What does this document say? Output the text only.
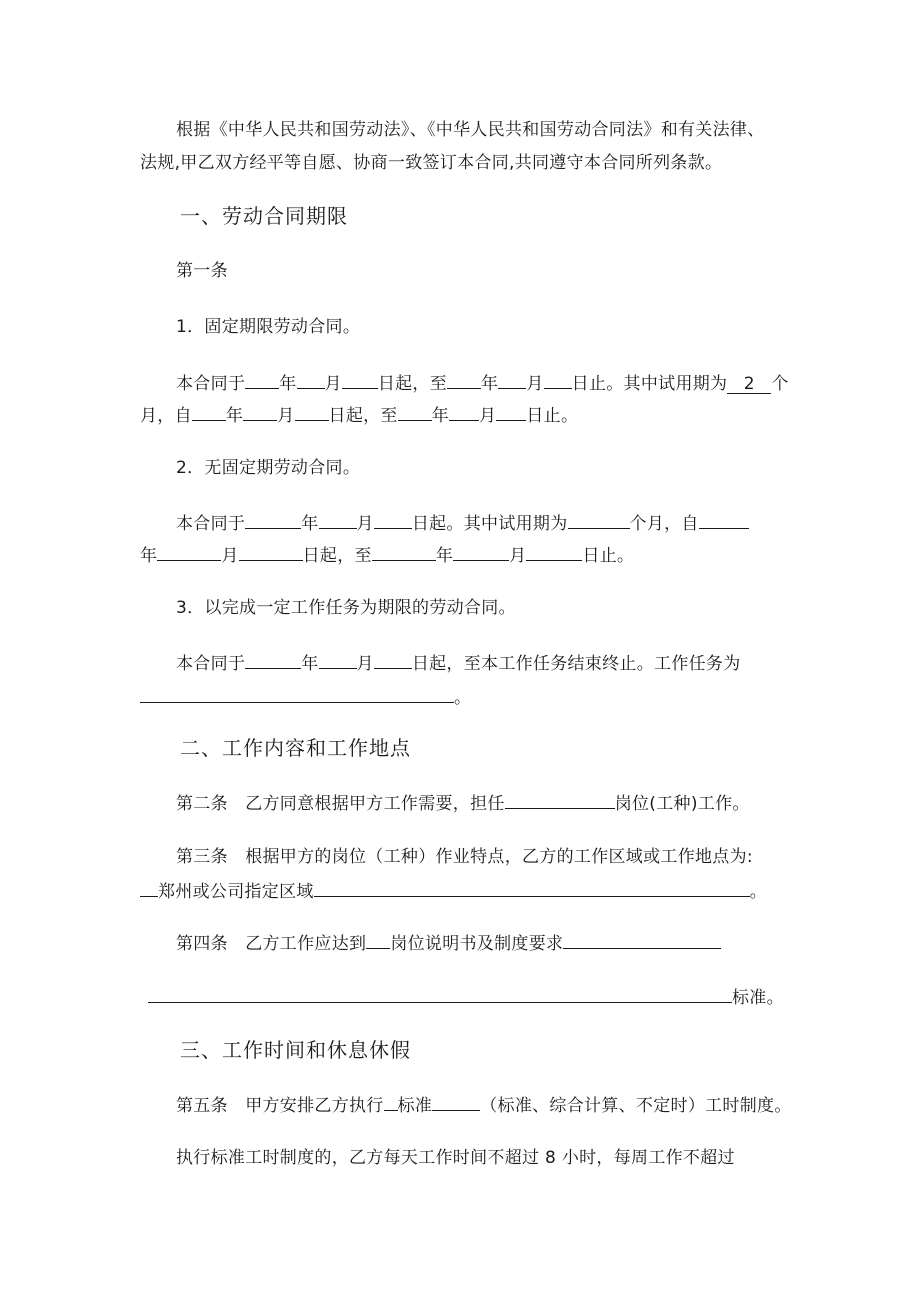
根据《中华人民共和国劳动法》、《中华人民共和国劳动合同法》和有关法律、
法规,甲乙双方经平等自愿、协商一致签订本合同,共同遵守本合同所列条款。
一、劳动合同期限
第一条
1．固定期限劳动合同。
本合同于 年 月 日起，至 年 月 日止。其中试用期为 2 个
月，自 年 月 日起，至 年 月 日止。
2．无固定期劳动合同。
本合同于	年 月 日起。其中试用期为	个月，自
年	月	日起，至	年	月	日止。
3．以完成一定工作任务为期限的劳动合同。
本合同于	年 月 日起，至本工作任务结束终止。工作任务为
。
二、工作内容和工作地点
第二条　乙方同意根据甲方工作需要，担任	岗位(工种)工作。
第三条　根据甲方的岗位（工种）作业特点，乙方的工作区域或工作地点为:
郑州或公司指定区域	。
第四条　乙方工作应达到 岗位说明书及制度要求
标准。
三、工作时间和休息休假
第五条　甲方安排乙方执行 标准	（标准、综合计算、不定时）工时制度。
执行标准工时制度的，乙方每天工作时间不超过 8 小时，每周工作不超过
